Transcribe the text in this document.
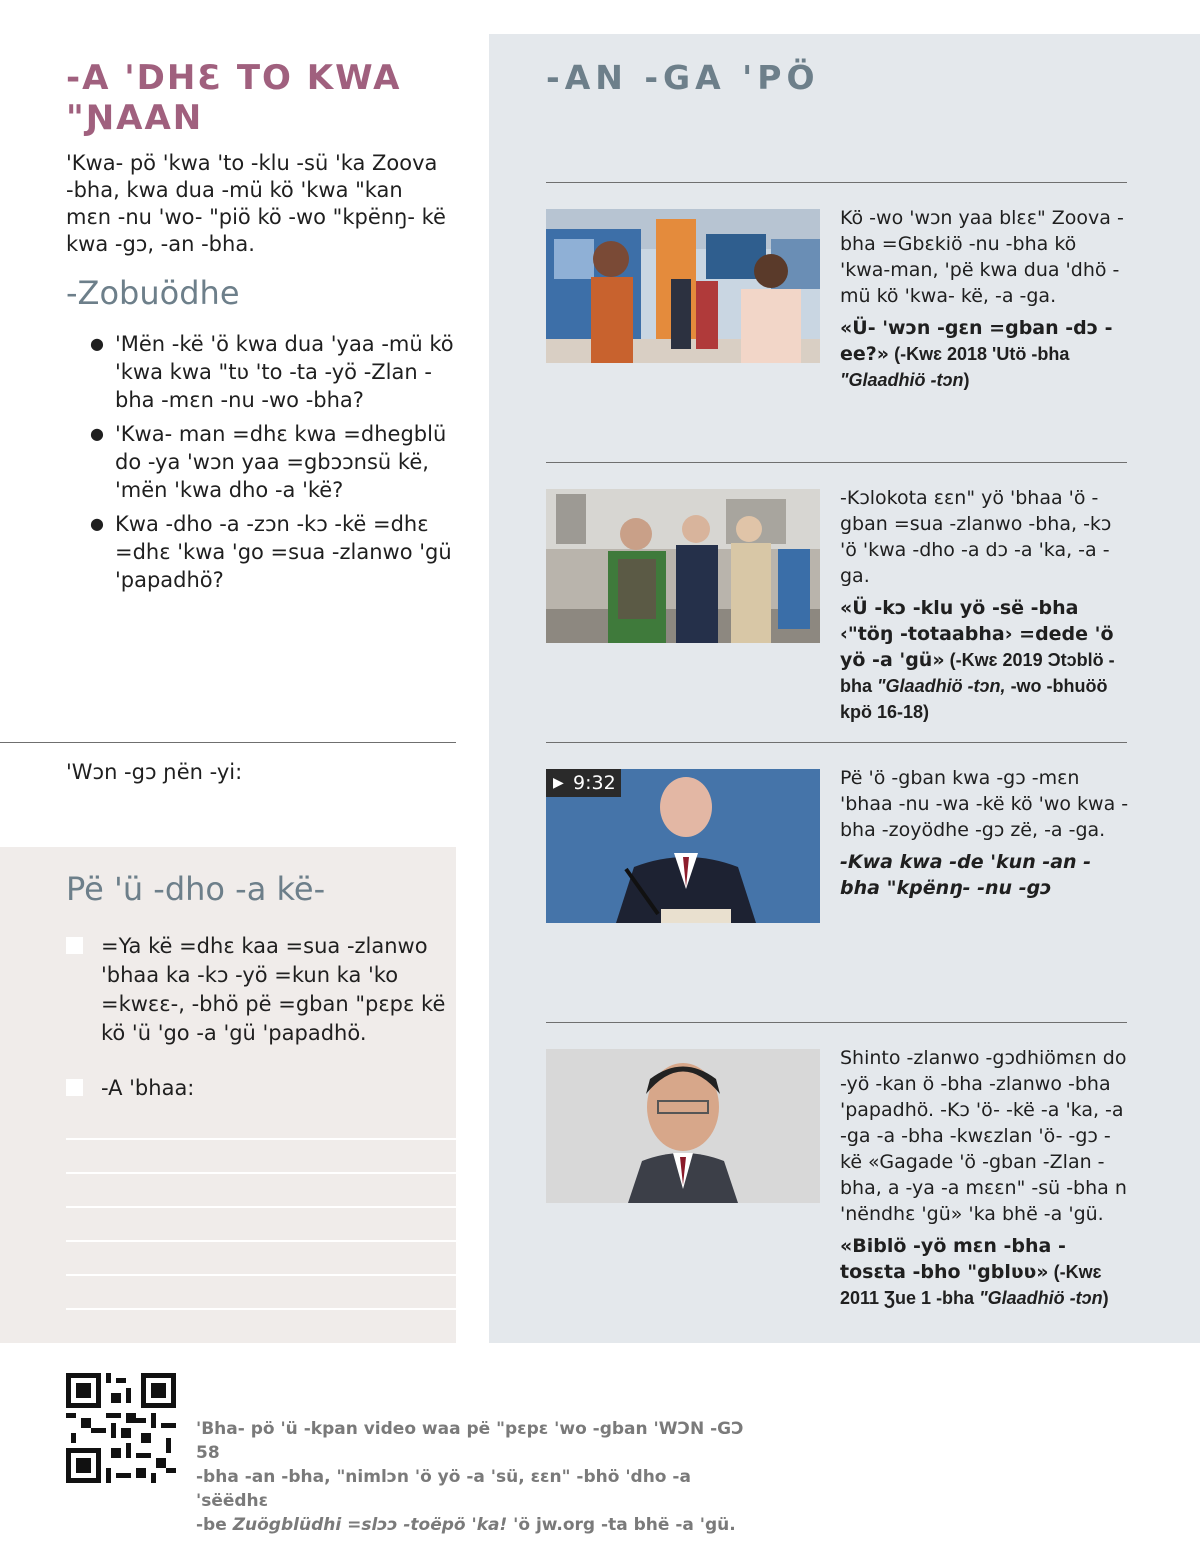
-A 'DHƐ TO KWA "ƝAAN

'Kwa- pö 'kwa 'to -klu -sü 'ka Zoova -bha, kwa dua -mü kö 'kwa "kan mɛn -nu 'wo- "piö kö -wo "kpënŋ- kë kwa -gɔ, -an -bha.

-Zobuödhe
● 'Mën -kë 'ö kwa dua 'yaa -mü kö 'kwa kwa "tʋ 'to -ta -yö -Zlan -bha -mɛn -nu -wo -bha?
● 'Kwa- man =dhɛ kwa =dhegblü do -ya 'wɔn yaa =gbɔɔnsü kë, 'mën 'kwa dho -a 'kë?
● Kwa -dho -a -zɔn -kɔ -kë =dhɛ =dhɛ 'kwa 'go =sua -zlanwo 'gü 'papadhö?

'Wɔn -gɔ ɲën -yi:

Pë 'ü -dho -a kë-
=Ya kë =dhɛ kaa =sua -zlanwo 'bhaa ka -kɔ -yö =kun ka 'ko =kwɛɛ-, -bhö pë =gban "pɛpɛ kë kö 'ü 'go -a 'gü 'papadhö.
-A 'bhaa:
-AN -GA 'PÖ

Kö -wo 'wɔn yaa blɛɛ" Zoova -bha =Gbɛkiö -nu -bha kö 'kwa-man, 'pë kwa dua 'dhö -mü kö 'kwa- kë, -a -ga.

«Ü- 'wɔn -gɛn =gban -dɔ -ee?» (-Kwɛ 2018 'Utö -bha "Glaadhiö -tɔn)

-Kɔlokota ɛɛn" yö 'bhaa 'ö -gban =sua -zlanwo -bha, -kɔ 'ö 'kwa -dho -a dɔ -a 'ka, -a -ga.

«Ü -kɔ -klu yö -së -bha ‹"töŋ -totaabha› =dede 'ö yö -a 'gü» (-Kwɛ 2019 Ɔtɔblö -bha "Glaadhiö -tɔn, -wo -bhuöö kpö 16-18)

▶ 9:32	Pë 'ö -gban kwa -gɔ -mɛn 'bhaa -nu -wa -kë kö 'wo kwa -bha -zoyödhe -gɔ zë, -a -ga.

-Kwa kwa -de 'kun -an -bha "kpënŋ- -nu -gɔ

Shinto -zlanwo -gɔdhiömɛn do -yö -kan ö -bha -zlanwo -bha 'papadhö. -Kɔ 'ö- -kë -a 'ka, -a -ga -a -bha -kwɛzlan 'ö- -gɔ -kë «Gagade 'ö -gban -Zlan -bha, a -ya -a mɛɛn" -sü -bha n 'nëndhɛ 'gü» 'ka bhë -a 'gü.

«Biblö -yö mɛn -bha -tosɛta -bho "gblʋʋ» (-Kwɛ 2011 Ʒue 1 -bha "Glaadhiö -tɔn)

'Bha- pö 'ü -kpan video waa pë "pɛpɛ 'wo -gban 'WƆN -GƆ 58
-bha -an -bha, "nimlɔn 'ö yö -a 'sü, ɛɛn" -bhö 'dho -a 'sëëdhɛ
-be Zuögblüdhi =slɔɔ -toëpö 'ka! 'ö jw.org -ta bhë -a 'gü.
